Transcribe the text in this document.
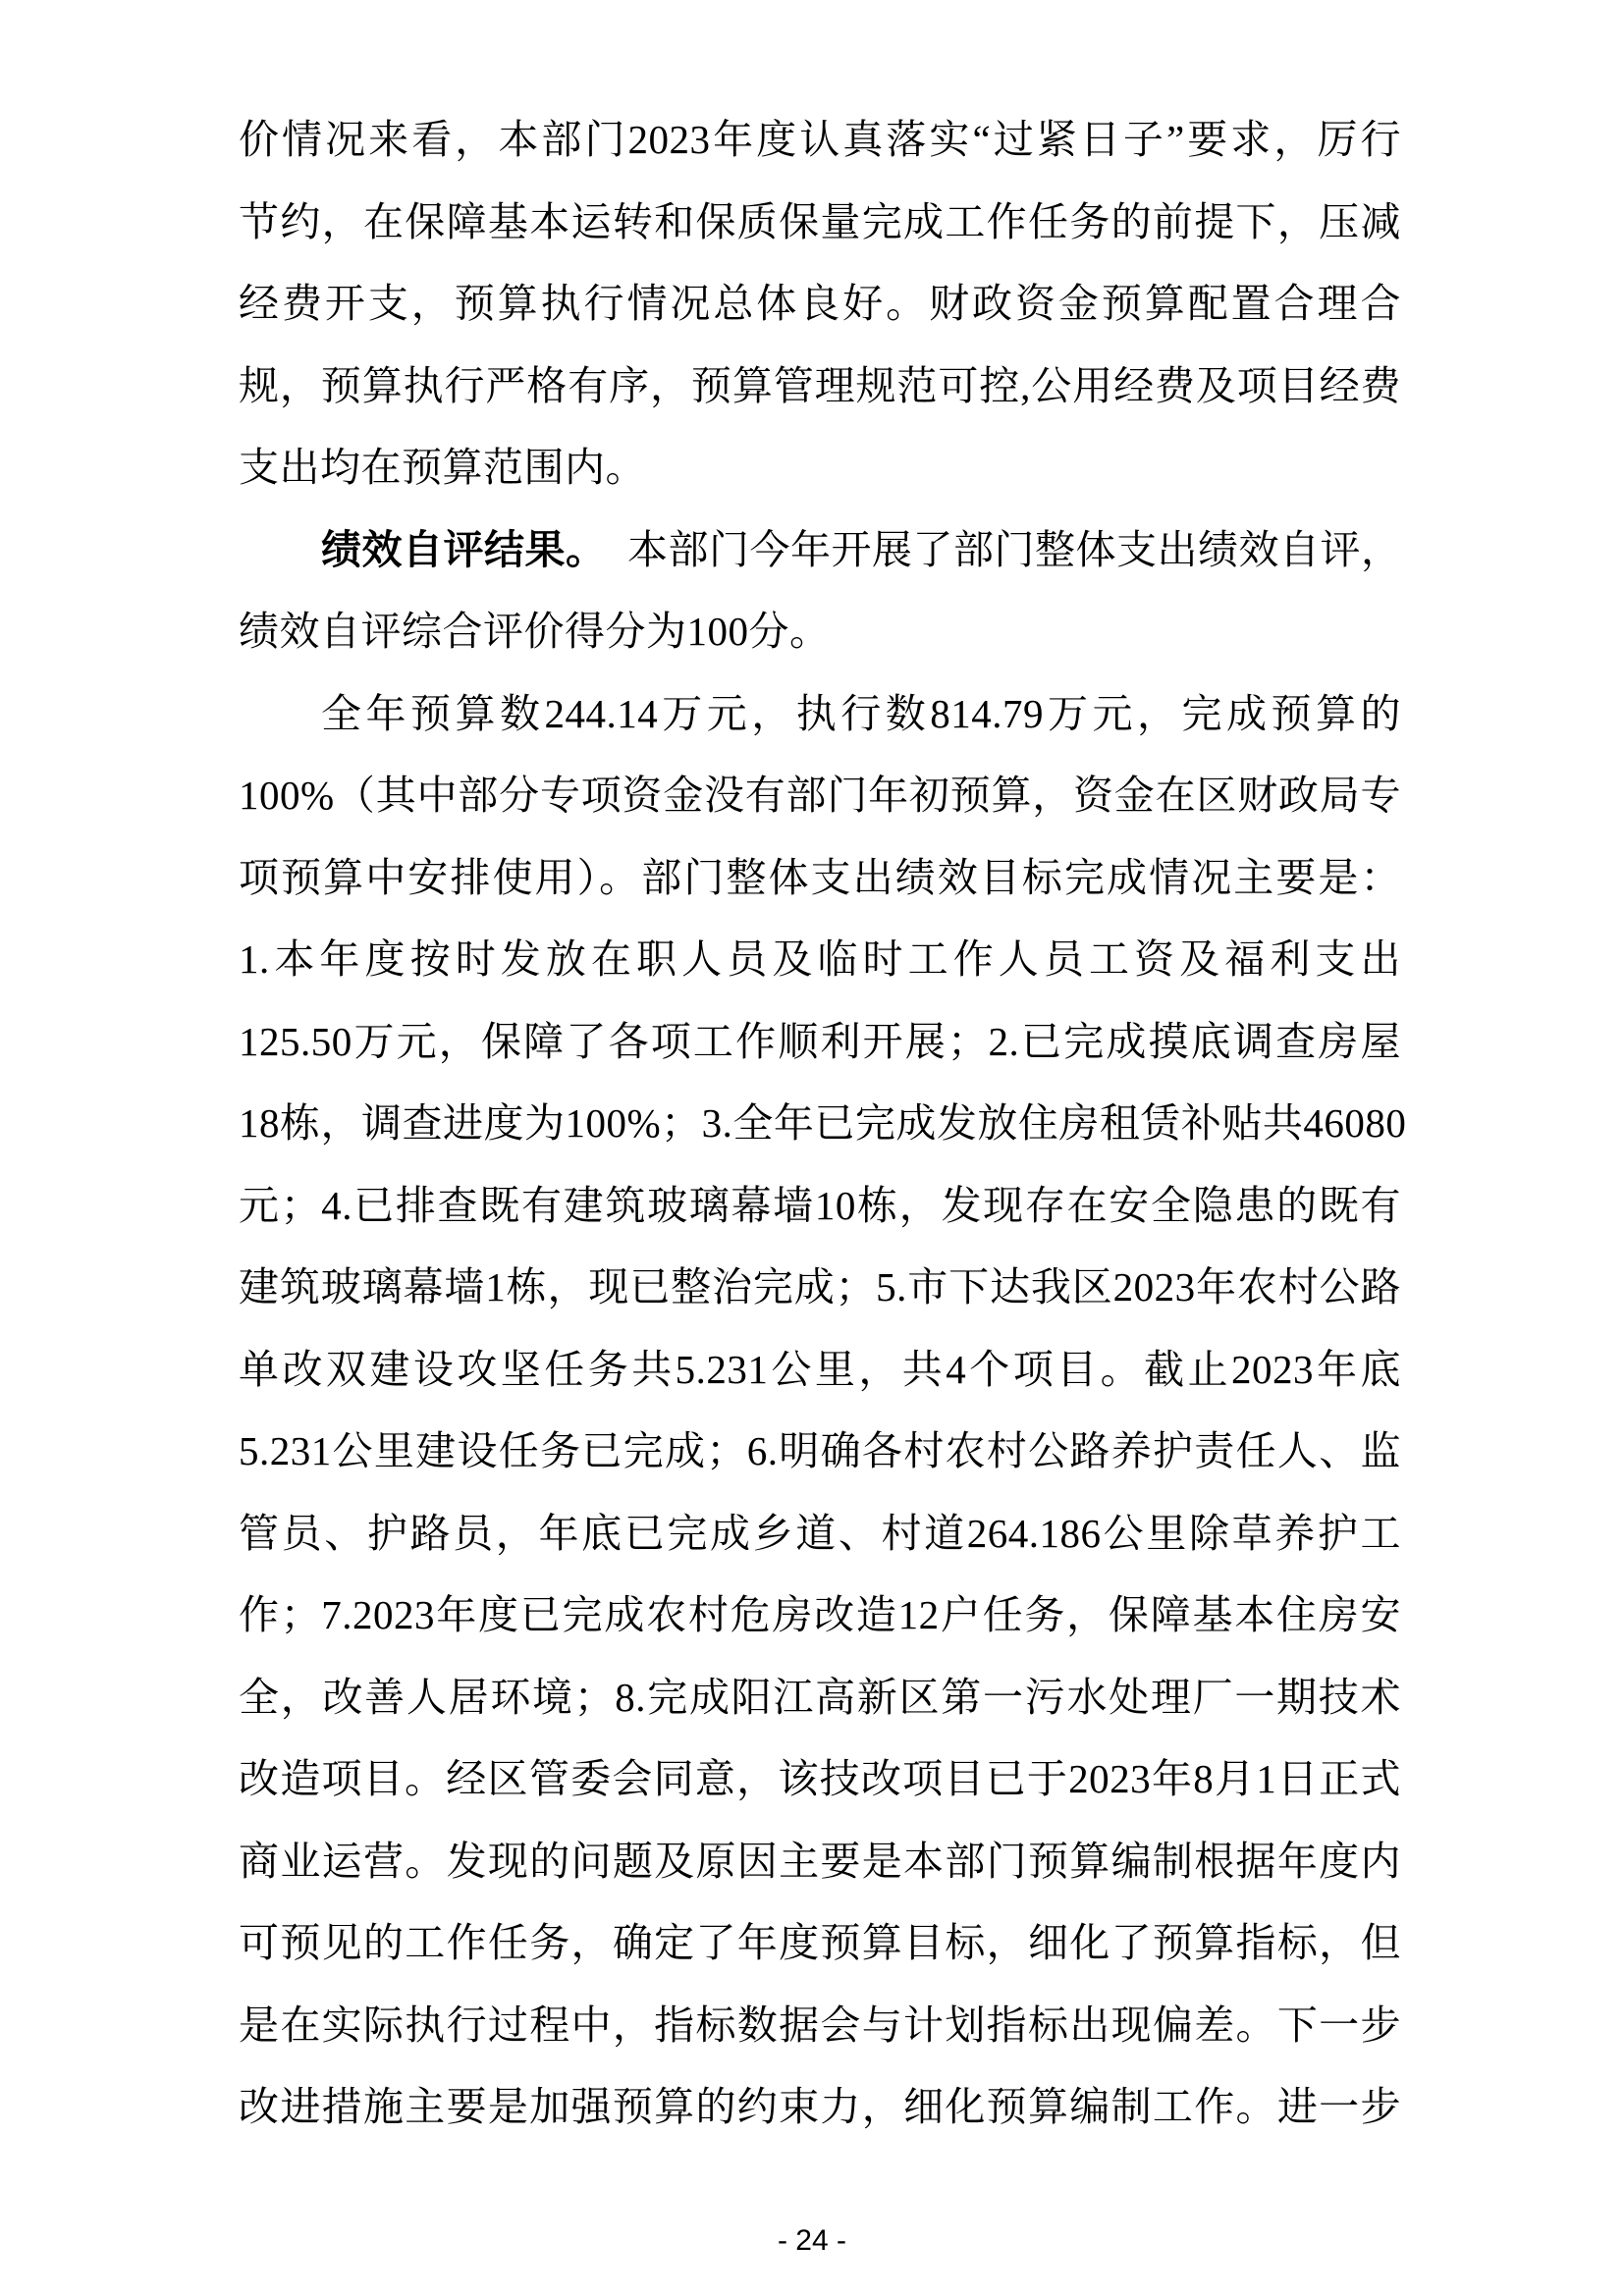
价情况来看，本部门2023年度认真落实“过紧日子”要求，厉行
节约，在保障基本运转和保质保量完成工作任务的前提下，压减
经费开支，预算执行情况总体良好。财政资金预算配置合理合
规，预算执行严格有序，预算管理规范可控,公用经费及项目经费
支出均在预算范围内。
绩效自评结果。  本部门今年开展了部门整体支出绩效自评，
绩效自评综合评价得分为100分。
全年预算数244.14万元，执行数814.79万元，完成预算的
100%（其中部分专项资金没有部门年初预算，资金在区财政局专
项预算中安排使用）。部门整体支出绩效目标完成情况主要是：
1.本年度按时发放在职人员及临时工作人员工资及福利支出
125.50万元，保障了各项工作顺利开展；2.已完成摸底调查房屋
18栋，调查进度为100%；3.全年已完成发放住房租赁补贴共46080
元；4.已排查既有建筑玻璃幕墙10栋，发现存在安全隐患的既有
建筑玻璃幕墙1栋，现已整治完成；5.市下达我区2023年农村公路
单改双建设攻坚任务共5.231公里，共4个项目。截止2023年底
5.231公里建设任务已完成；6.明确各村农村公路养护责任人、监
管员、护路员，年底已完成乡道、村道264.186公里除草养护工
作；7.2023年度已完成农村危房改造12户任务，保障基本住房安
全，改善人居环境；8.完成阳江高新区第一污水处理厂一期技术
改造项目。经区管委会同意，该技改项目已于2023年8月1日正式
商业运营。发现的问题及原因主要是本部门预算编制根据年度内
可预见的工作任务，确定了年度预算目标，细化了预算指标，但
是在实际执行过程中，指标数据会与计划指标出现偏差。下一步
改进措施主要是加强预算的约束力，细化预算编制工作。进一步
- 24 -
